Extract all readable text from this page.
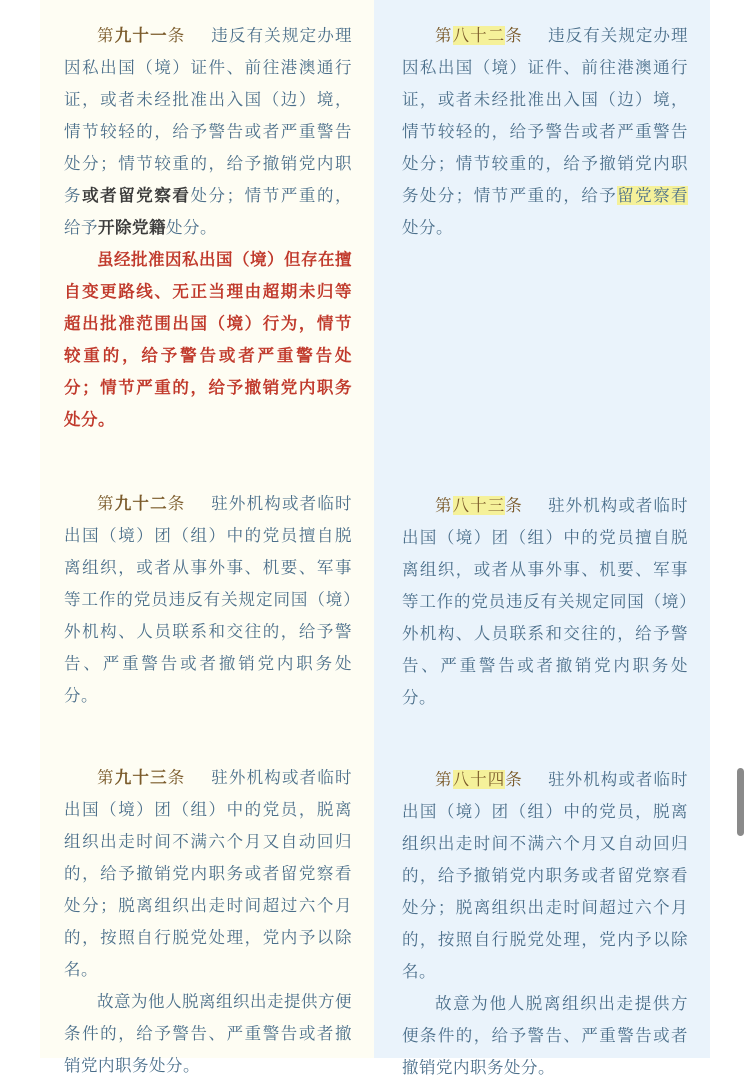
第九十一条 违反有关规定办理因私出国（境）证件、前往港澳通行证，或者未经批准出入国（边）境，情节较轻的，给予警告或者严重警告处分；情节较重的，给予撤销党内职务或者留党察看处分；情节严重的，给予开除党籍处分。

虽经批准因私出国（境）但存在擅自变更路线、无正当理由超期未归等超出批准范围出国（境）行为，情节较重的，给予警告或者严重警告处分；情节严重的，给予撤销党内职务处分。

第九十二条 驻外机构或者临时出国（境）团（组）中的党员擅自脱离组织，或者从事外事、机要、军事等工作的党员违反有关规定同国（境）外机构、人员联系和交往的，给予警告、严重警告或者撤销党内职务处分。

第九十三条 驻外机构或者临时出国（境）团（组）中的党员，脱离组织出走时间不满六个月又自动回归的，给予撤销党内职务或者留党察看处分；脱离组织出走时间超过六个月的，按照自行脱党处理，党内予以除名。

故意为他人脱离组织出走提供方便条件的，给予警告、严重警告或者撤销党内职务处分。

第八十二条 违反有关规定办理因私出国（境）证件、前往港澳通行证，或者未经批准出入国（边）境，情节较轻的，给予警告或者严重警告处分；情节较重的，给予撤销党内职务处分；情节严重的，给予留党察看处分。

第八十三条 驻外机构或者临时出国（境）团（组）中的党员擅自脱离组织，或者从事外事、机要、军事等工作的党员违反有关规定同国（境）外机构、人员联系和交往的，给予警告、严重警告或者撤销党内职务处分。

第八十四条 驻外机构或者临时出国（境）团（组）中的党员，脱离组织出走时间不满六个月又自动回归的，给予撤销党内职务或者留党察看处分；脱离组织出走时间超过六个月的，按照自行脱党处理，党内予以除名。

故意为他人脱离组织出走提供方便条件的，给予警告、严重警告或者撤销党内职务处分。
